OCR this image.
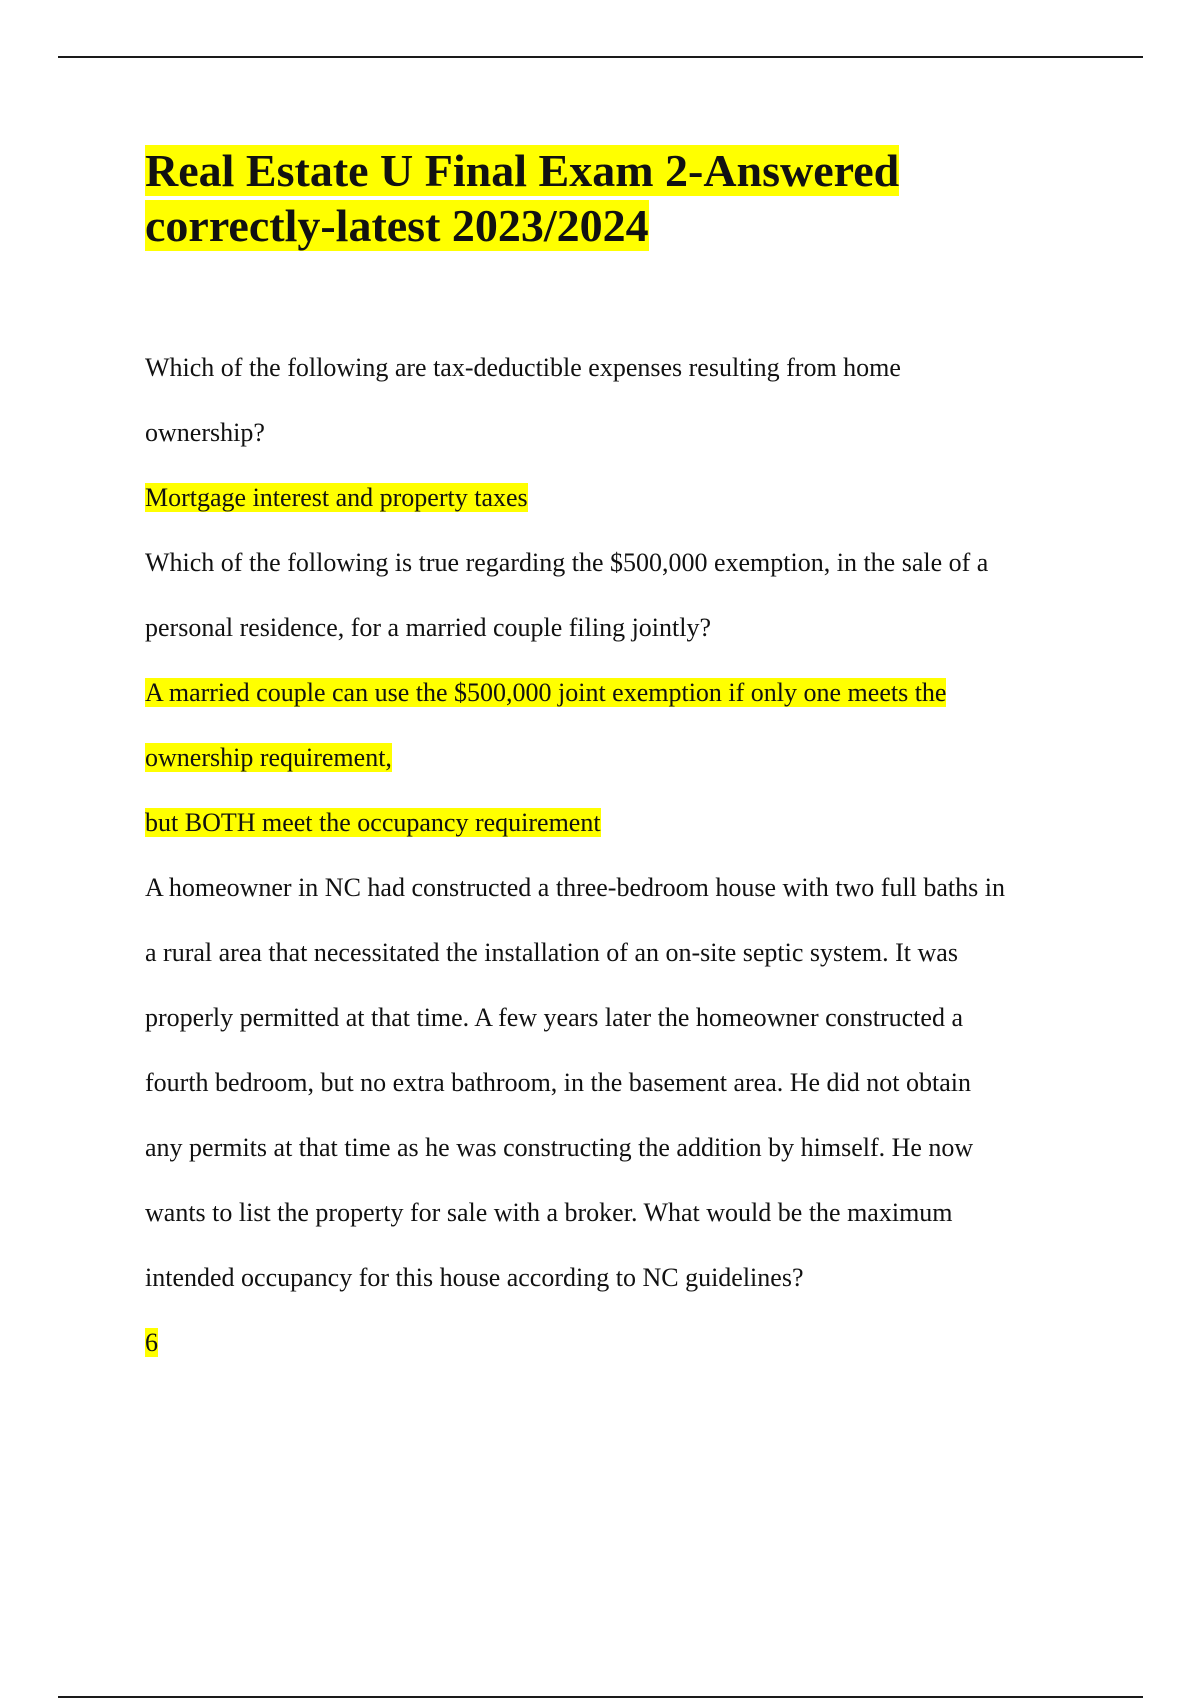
Real Estate U Final Exam 2-Answered
correctly-latest 2023/2024
Which of the following are tax-deductible expenses resulting from home
ownership?
Mortgage interest and property taxes
Which of the following is true regarding the $500,000 exemption, in the sale of a
personal residence, for a married couple filing jointly?
A married couple can use the $500,000 joint exemption if only one meets the
ownership requirement,
but BOTH meet the occupancy requirement
A homeowner in NC had constructed a three-bedroom house with two full baths in
a rural area that necessitated the installation of an on-site septic system. It was
properly permitted at that time. A few years later the homeowner constructed a
fourth bedroom, but no extra bathroom, in the basement area. He did not obtain
any permits at that time as he was constructing the addition by himself. He now
wants to list the property for sale with a broker. What would be the maximum
intended occupancy for this house according to NC guidelines?
6
